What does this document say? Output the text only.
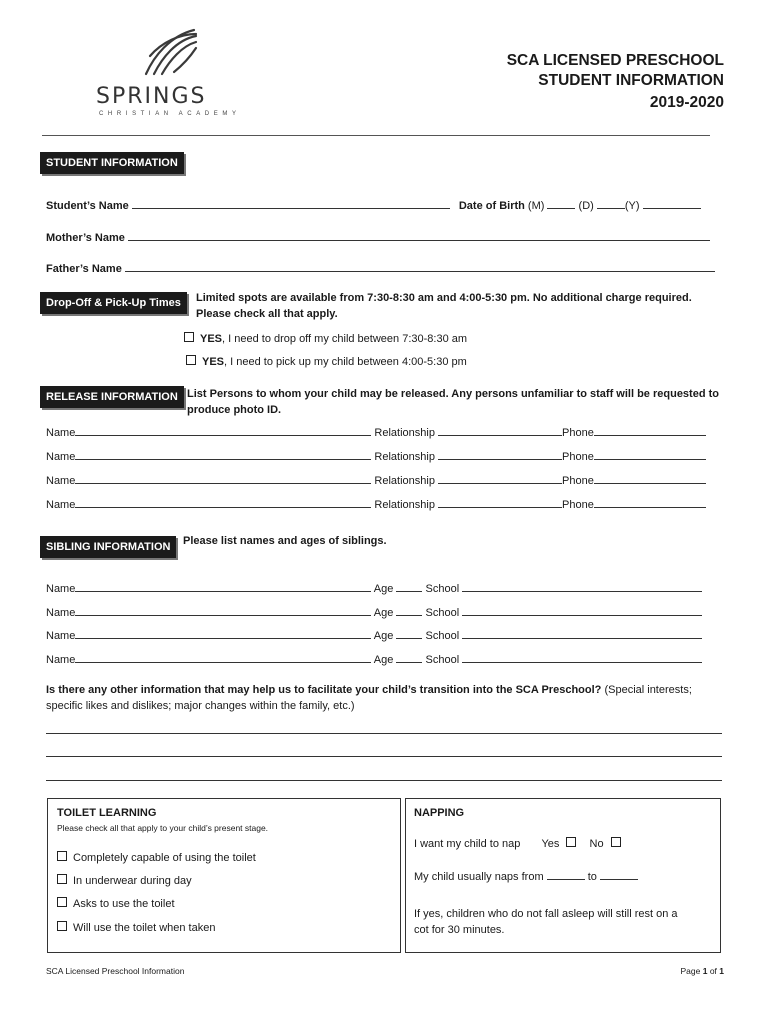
SPRINGS
CHRISTIAN ACADEMY
SCA LICENSED PRESCHOOL
STUDENT INFORMATION
2019-2020
STUDENT INFORMATION
Student’s Name	Date of Birth (M)	(D)	(Y)
Mother’s Name
Father’s Name
Drop-Off & Pick-Up Times	Limited spots are available from 7:30-8:30 am and 4:00-5:30 pm. No additional charge required.
Please check all that apply.
YES, I need to drop off my child between 7:30-8:30 am
YES, I need to pick up my child between 4:00-5:30 pm
RELEASE INFORMATION List Persons to whom your child may be released. Any persons unfamiliar to staff will be requested to
produce photo ID.
Name	Relationship	Phone
Name	Relationship	Phone
Name	Relationship	Phone
Name	Relationship	Phone
SIBLING INFORMATION	Please list names and ages of siblings.
Name	Age	School
Name	Age	School
Name	Age	School
Name	Age	School
Is there any other information that may help us to facilitate your child’s transition into the SCA Preschool? (Special interests;
specific likes and dislikes; major changes within the family, etc.)
TOILET LEARNING
Please check all that apply to your child’s present stage.
Completely capable of using the toilet
In underwear during day
Asks to use the toilet
Will use the toilet when taken
NAPPING
I want my child to nap Yes	No
My child usually naps from	to
If yes, children who do not fall asleep will still rest on a
cot for 30 minutes.
SCA Licensed Preschool Information	Page 1 of 1
